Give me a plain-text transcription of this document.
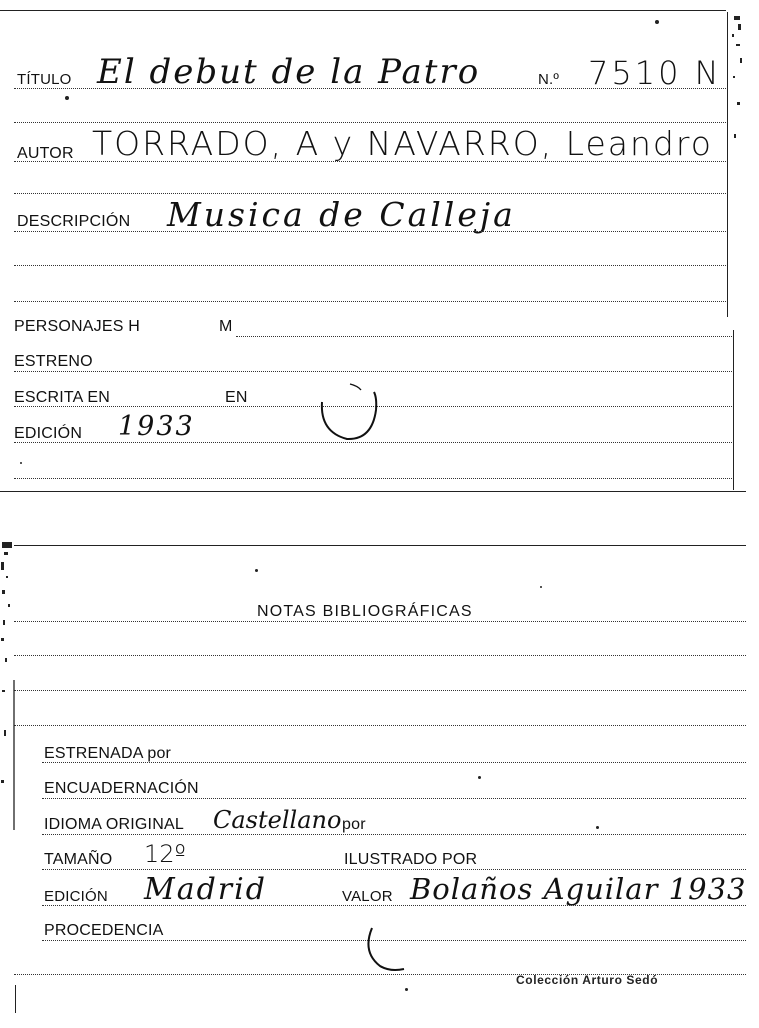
TÍTULO El debut de la Patro	N.º 7510 N
AUTOR TORRADO, A y NAVARRO, Leandro
DESCRIPCIÓN Musica de Calleja
PERSONAJES H	M
ESTRENO
ESCRITA EN	EN
EDICIÓN 1933
NOTAS BIBLIOGRÁFICAS
ESTRENADA por
ENCUADERNACIÓN
IDIOMA ORIGINAL Castellano por
TAMAÑO 12º	ILUSTRADO POR
EDICIÓN Madrid	VALOR Bolaños Aguilar 1933
PROCEDENCIA
Colección Arturo Sedó
